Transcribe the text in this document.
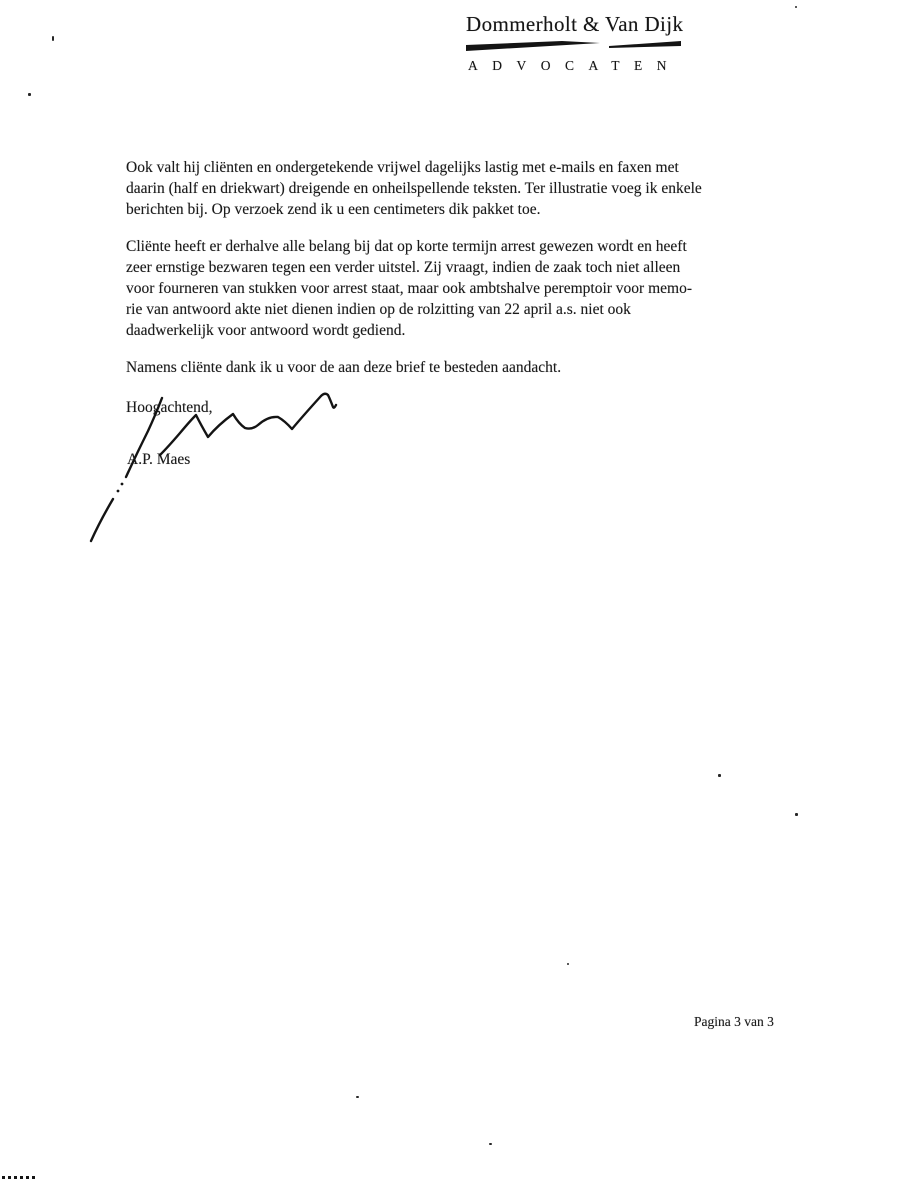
Dommerholt & Van Dijk
ADVOCATEN
Ook valt hij cliënten en ondergetekende vrijwel dagelijks lastig met e-mails en faxen met
daarin (half en driekwart) dreigende en onheilspellende teksten. Ter illustratie voeg ik enkele
berichten bij. Op verzoek zend ik u een centimeters dik pakket toe.
Cliënte heeft er derhalve alle belang bij dat op korte termijn arrest gewezen wordt en heeft
zeer ernstige bezwaren tegen een verder uitstel. Zij vraagt, indien de zaak toch niet alleen
voor fourneren van stukken voor arrest staat, maar ook ambtshalve peremptoir voor memo-
rie van antwoord akte niet dienen indien op de rolzitting van 22 april a.s. niet ook
daadwerkelijk voor antwoord wordt gediend.
Namens cliënte dank ik u voor de aan deze brief te besteden aandacht.
Hoogachtend,
A.P. Maes
Pagina 3 van 3
